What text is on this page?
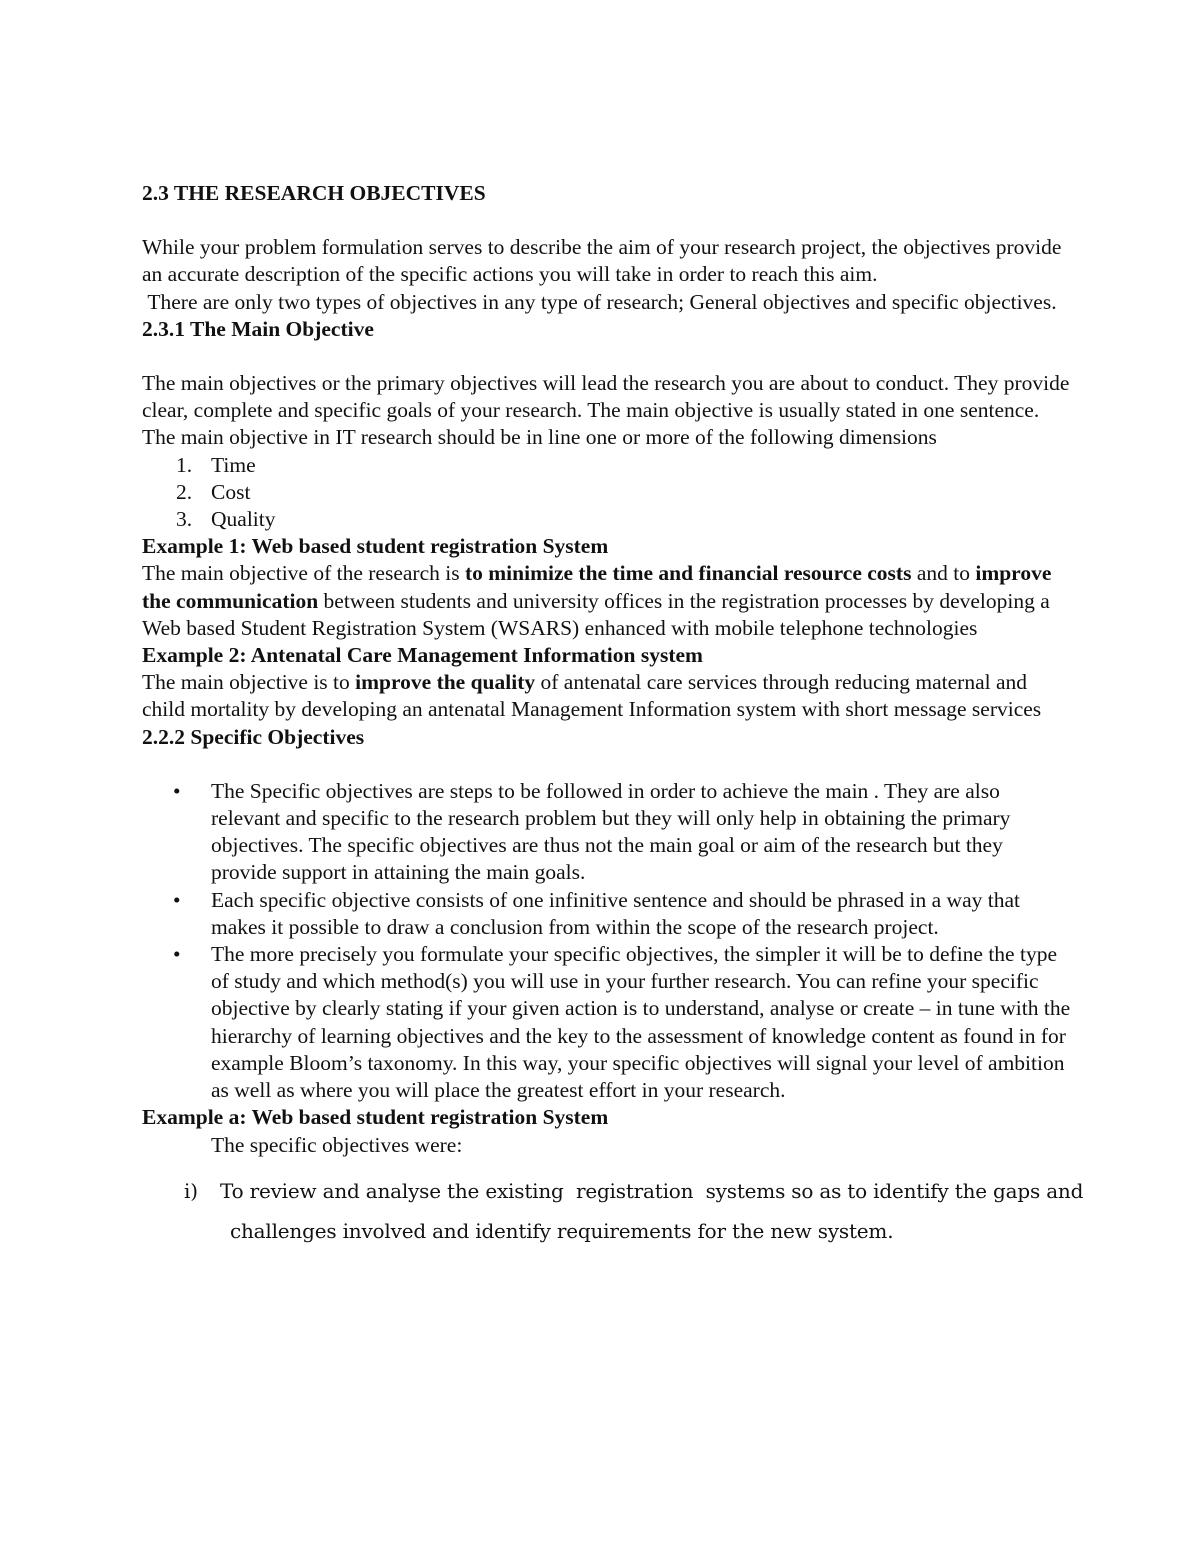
2.3 THE RESEARCH OBJECTIVES

While your problem formulation serves to describe the aim of your research project, the objectives provide an accurate description of the specific actions you will take in order to reach this aim.

There are only two types of objectives in any type of research; General objectives and specific objectives.

2.3.1 The Main Objective

The main objectives or the primary objectives will lead the research you are about to conduct. They provide clear, complete and specific goals of your research. The main objective is usually stated in one sentence.

The main objective in IT research should be in line one or more of the following dimensions

1. Time
2. Cost
3. Quality

Example 1: Web based student registration System

The main objective of the research is to minimize the time and financial resource costs and to improve the communication between students and university offices in the registration processes by developing a Web based Student Registration System (WSARS) enhanced with mobile telephone technologies

Example 2: Antenatal Care Management Information system

The main objective is to improve the quality of antenatal care services through reducing maternal and child mortality by developing an antenatal Management Information system with short message services

2.2.2 Specific Objectives

• The Specific objectives are steps to be followed in order to achieve the main . They are also relevant and specific to the research problem but they will only help in obtaining the primary objectives. The specific objectives are thus not the main goal or aim of the research but they provide support in attaining the main goals.
• Each specific objective consists of one infinitive sentence and should be phrased in a way that makes it possible to draw a conclusion from within the scope of the research project.
• The more precisely you formulate your specific objectives, the simpler it will be to define the type of study and which method(s) you will use in your further research. You can refine your specific objective by clearly stating if your given action is to understand, analyse or create – in tune with the hierarchy of learning objectives and the key to the assessment of knowledge content as found in for example Bloom’s taxonomy. In this way, your specific objectives will signal your level of ambition as well as where you will place the greatest effort in your research.

Example a: Web based student registration System

The specific objectives were:

i) To review and analyse the existing  registration  systems so as to identify the gaps and
challenges involved and identify requirements for the new system.
